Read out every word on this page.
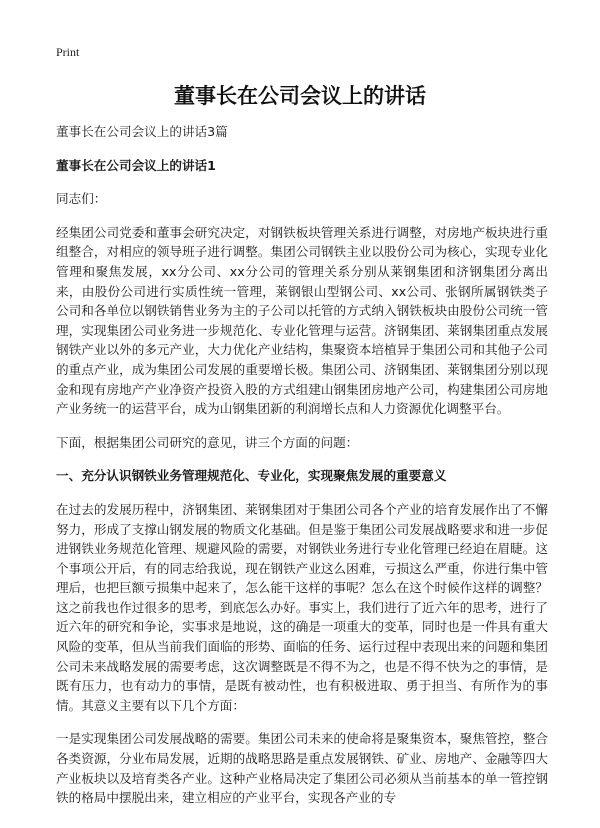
Print
董事长在公司会议上的讲话

董事长在公司会议上的讲话3篇

董事长在公司会议上的讲话1

同志们：

经集团公司党委和董事会研究决定，对钢铁板块管理关系进行调整，对房地产板块进行重组整合，对相应的领导班子进行调整。集团公司钢铁主业以股份公司为核心，实现专业化管理和聚焦发展，xx分公司、xx分公司的管理关系分别从莱钢集团和济钢集团分离出来，由股份公司进行实质性统一管理，莱钢银山型钢公司、xx公司、张钢所属钢铁类子公司和各单位以钢铁销售业务为主的子公司以托管的方式纳入钢铁板块由股份公司统一管理，实现集团公司业务进一步规范化、专业化管理与运营。济钢集团、莱钢集团重点发展钢铁产业以外的多元产业，大力优化产业结构，集聚资本培植异于集团公司和其他子公司的重点产业，成为集团公司发展的重要增长极。集团公司、济钢集团、莱钢集团分别以现金和现有房地产产业净资产投资入股的方式组建山钢集团房地产公司，构建集团公司房地产业务统一的运营平台，成为山钢集团新的利润增长点和人力资源优化调整平台。

下面，根据集团公司研究的意见，讲三个方面的问题：

一、充分认识钢铁业务管理规范化、专业化，实现聚焦发展的重要意义

在过去的发展历程中，济钢集团、莱钢集团对于集团公司各个产业的培育发展作出了不懈努力，形成了支撑山钢发展的物质文化基础。但是鉴于集团公司发展战略要求和进一步促进钢铁业务规范化管理、规避风险的需要，对钢铁业务进行专业化管理已经迫在眉睫。这个事项公开后，有的同志给我说，现在钢铁产业这么困难，亏损这么严重，你进行集中管理后，也把巨额亏损集中起来了，怎么能干这样的事呢？怎么在这个时候作这样的调整？这之前我也作过很多的思考，到底怎么办好。事实上，我们进行了近六年的思考，进行了近六年的研究和争论，实事求是地说，这的确是一项重大的变革，同时也是一件具有重大风险的变革，但从当前我们面临的形势、面临的任务、运行过程中表现出来的问题和集团公司未来战略发展的需要考虑，这次调整既是不得不为之，也是不得不快为之的事情，是既有压力，也有动力的事情，是既有被动性，也有积极进取、勇于担当、有所作为的事情。其意义主要有以下几个方面：

一是实现集团公司发展战略的需要。集团公司未来的使命将是聚集资本，聚焦管控，整合各类资源，分业布局发展，近期的战略思路是重点发展钢铁、矿业、房地产、金融等四大产业板块以及培育类各产业。这种产业格局决定了集团公司必须从当前基本的单一管控钢铁的格局中摆脱出来，建立相应的产业平台，实现各产业的专
